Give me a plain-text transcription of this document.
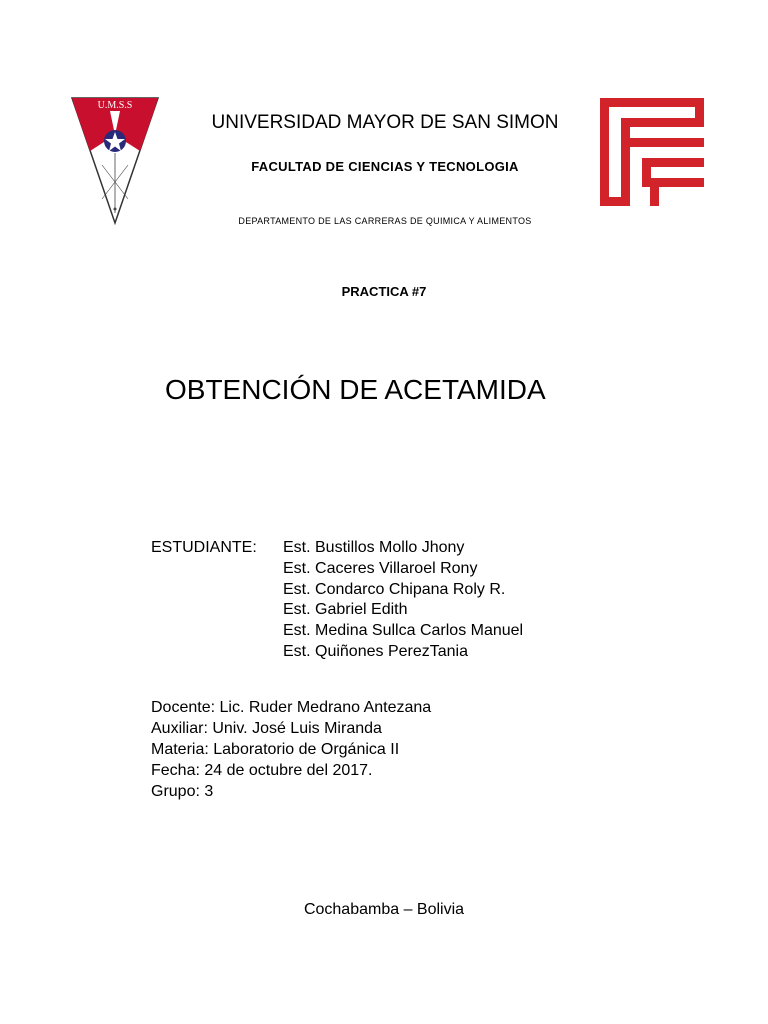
U.M.S.S
UNIVERSIDAD MAYOR DE SAN SIMON
FACULTAD DE CIENCIAS Y TECNOLOGIA
DEPARTAMENTO DE LAS CARRERAS DE QUIMICA Y ALIMENTOS
PRACTICA #7
OBTENCIÓN DE ACETAMIDA
ESTUDIANTE: Est. Bustillos Mollo Jhony
Est. Caceres Villaroel Rony
Est. Condarco Chipana Roly R.
Est. Gabriel Edith
Est. Medina Sullca Carlos Manuel
Est. Quiñones PerezTania
Docente: Lic. Ruder Medrano Antezana
Auxiliar: Univ. José Luis Miranda
Materia: Laboratorio de Orgánica II
Fecha: 24 de octubre del 2017.
Grupo: 3
Cochabamba – Bolivia
